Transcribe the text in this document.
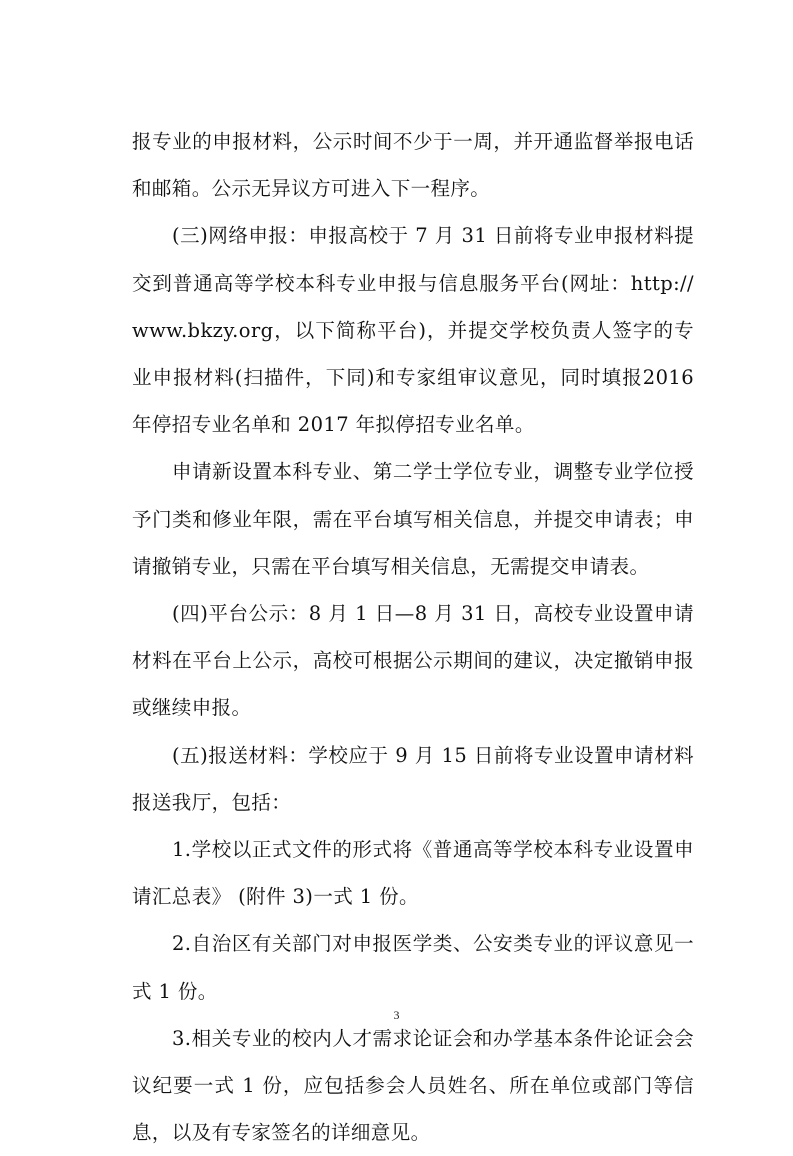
报专业的申报材料，公示时间不少于一周，并开通监督举报电话和邮箱。公示无异议方可进入下一程序。

(三)网络申报：申报高校于 7 月 31 日前将专业申报材料提交到普通高等学校本科专业申报与信息服务平台(网址：http://www.bkzy.org，以下简称平台)，并提交学校负责人签字的专业申报材料(扫描件，下同)和专家组审议意见，同时填报2016 年停招专业名单和 2017 年拟停招专业名单。

申请新设置本科专业、第二学士学位专业，调整专业学位授予门类和修业年限，需在平台填写相关信息，并提交申请表；申请撤销专业，只需在平台填写相关信息，无需提交申请表。

(四)平台公示：8 月 1 日—8 月 31 日，高校专业设置申请材料在平台上公示，高校可根据公示期间的建议，决定撤销申报或继续申报。

(五)报送材料：学校应于 9 月 15 日前将专业设置申请材料报送我厅，包括：

1.学校以正式文件的形式将《普通高等学校本科专业设置申请汇总表》 (附件 3)一式 1 份。

2.自治区有关部门对申报医学类、公安类专业的评议意见一式 1 份。

3.相关专业的校内人才需求论证会和办学基本条件论证会会议纪要一式 1 份，应包括参会人员姓名、所在单位或部门等信息，以及有专家签名的详细意见。

3
